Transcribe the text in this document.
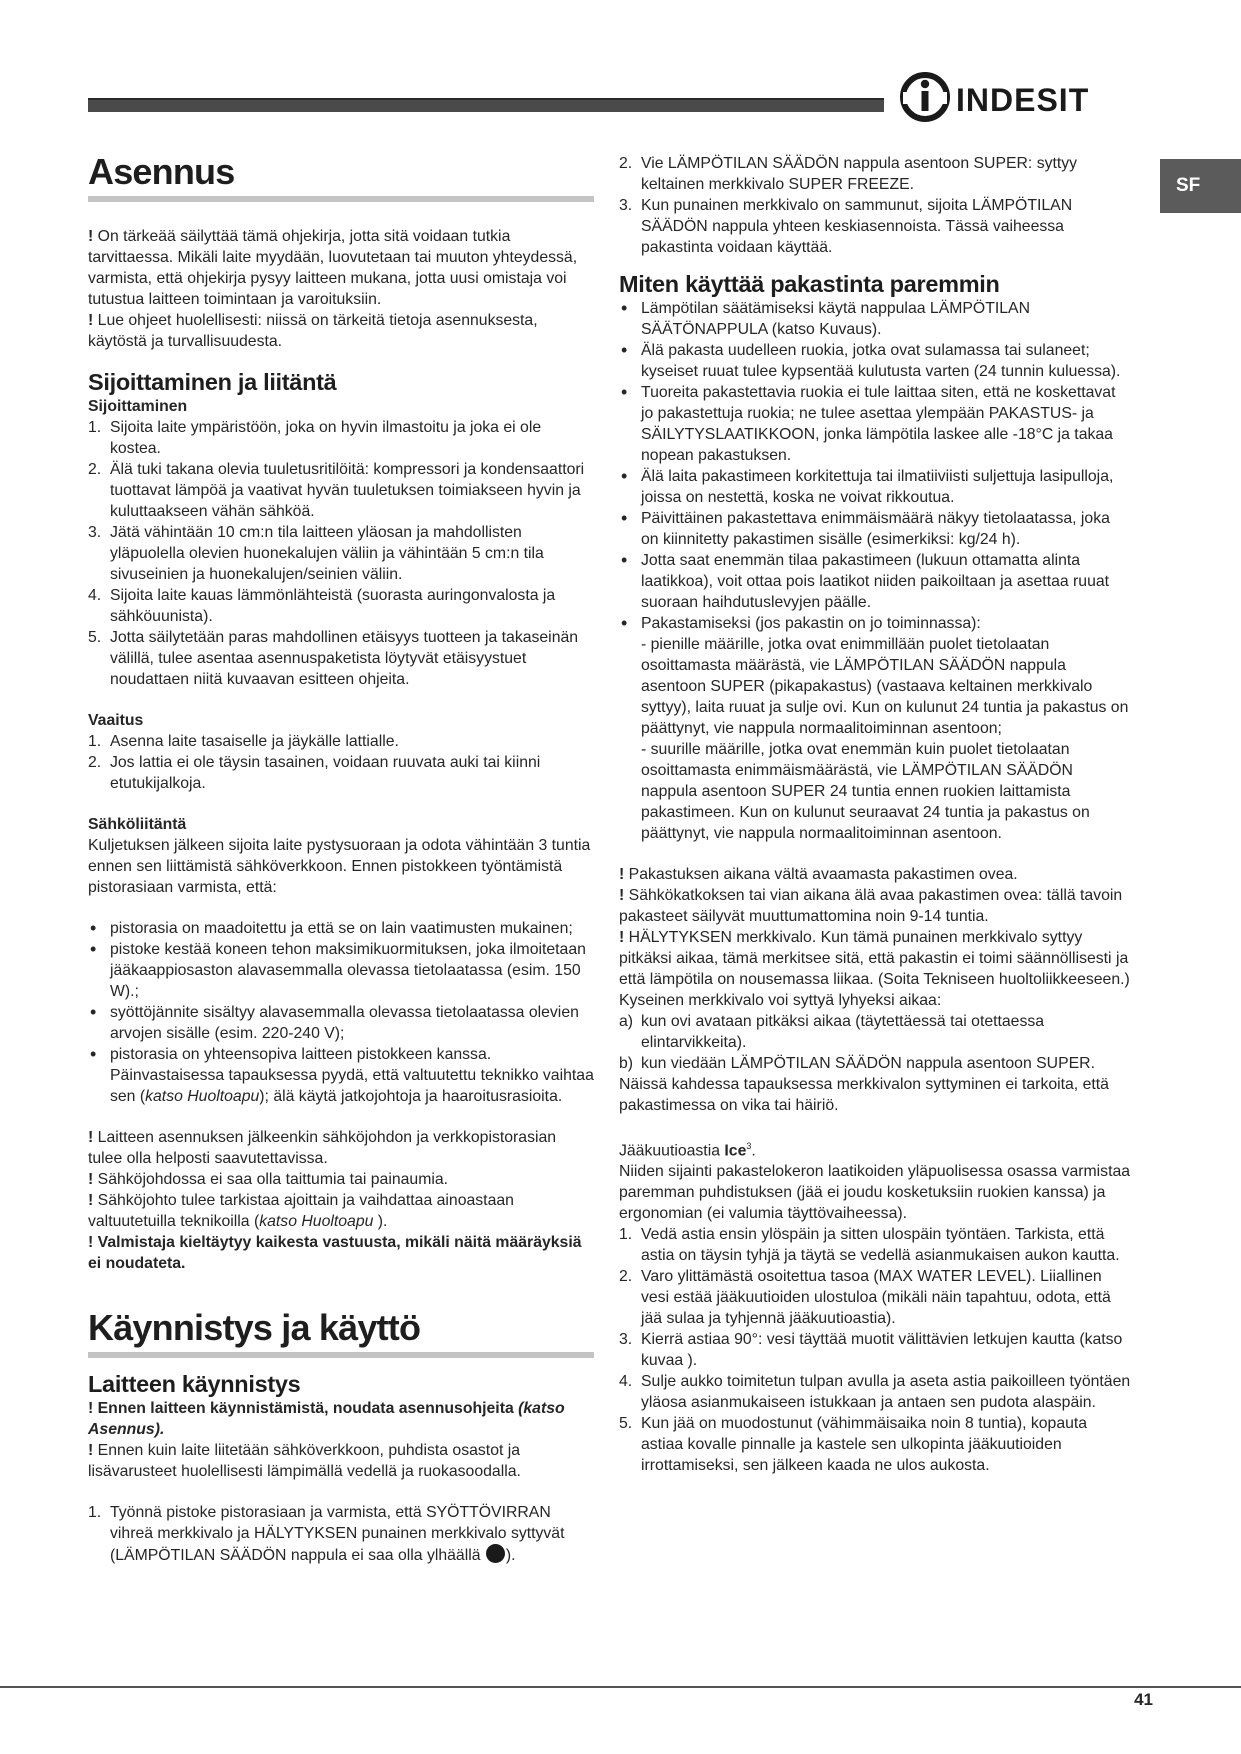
INDESIT
SF
Asennus

! On tärkeää säilyttää tämä ohjekirja, jotta sitä voidaan tutkia tarvittaessa. Mikäli laite myydään, luovutetaan tai muuton yhteydessä, varmista, että ohjekirja pysyy laitteen mukana, jotta uusi omistaja voi tutustua laitteen toimintaan ja varoituksiin.

! Lue ohjeet huolellisesti: niissä on tärkeitä tietoja asennuksesta, käytöstä ja turvallisuudesta.

Sijoittaminen ja liitäntä
Sijoittaminen
1. Sijoita laite ympäristöön, joka on hyvin ilmastoitu ja joka ei ole kostea.
2. Älä tuki takana olevia tuuletusritilöitä: kompressori ja kondensaattori tuottavat lämpöä ja vaativat hyvän tuuletuksen toimiakseen hyvin ja kuluttaakseen vähän sähköä.
3. Jätä vähintään 10 cm:n tila laitteen yläosan ja mahdollisten yläpuolella olevien huonekalujen väliin ja vähintään 5 cm:n tila sivuseinien ja huonekalujen/seinien väliin.
4. Sijoita laite kauas lämmönlähteistä (suorasta auringonvalosta ja sähköuunista).
5. Jotta säilytetään paras mahdollinen etäisyys tuotteen ja takaseinän välillä, tulee asentaa asennuspaketista löytyvät etäisyystuet noudattaen niitä kuvaavan esitteen ohjeita.
Vaaitus
1. Asenna laite tasaiselle ja jäykälle lattialle.
2. Jos lattia ei ole täysin tasainen, voidaan ruuvata auki tai kiinni etutukijalkoja.
Sähköliitäntä

Kuljetuksen jälkeen sijoita laite pystysuoraan ja odota vähintään 3 tuntia ennen sen liittämistä sähköverkkoon. Ennen pistokkeen työntämistä pistorasiaan varmista, että:

• pistorasia on maadoitettu ja että se on lain vaatimusten mukainen;
• pistoke kestää koneen tehon maksimikuormituksen, joka ilmoitetaan jääkaappiosaston alavasemmalla olevassa tietolaatassa (esim. 150 W).;
• syöttöjännite sisältyy alavasemmalla olevassa tietolaatassa olevien arvojen sisälle (esim. 220-240 V);
• pistorasia on yhteensopiva laitteen pistokkeen kanssa. Päinvastaisessa tapauksessa pyydä, että valtuutettu teknikko vaihtaa sen (katso Huoltoapu); älä käytä jatkojohtoja ja haaroitusrasioita.

! Laitteen asennuksen jälkeenkin sähköjohdon ja verkkopistorasian tulee olla helposti saavutettavissa.

! Sähköjohdossa ei saa olla taittumia tai painaumia.

! Sähköjohto tulee tarkistaa ajoittain ja vaihdattaa ainoastaan valtuutetuilla teknikoilla (katso Huoltoapu ).

! Valmistaja kieltäytyy kaikesta vastuusta, mikäli näitä määräyksiä ei noudateta.

Käynnistys ja käyttö
Laitteen käynnistys

! Ennen laitteen käynnistämistä, noudata asennusohjeita (katso Asennus).

! Ennen kuin laite liitetään sähköverkkoon, puhdista osastot ja lisävarusteet huolellisesti lämpimällä vedellä ja ruokasoodalla.

1. Työnnä pistoke pistorasiaan ja varmista, että SYÖTTÖVIRRAN vihreä merkkivalo ja HÄLYTYKSEN punainen merkkivalo syttyvät (LÄMPÖTILAN SÄÄDÖN nappula ei saa olla ylhäällä ).
2. Vie LÄMPÖTILAN SÄÄDÖN nappula asentoon SUPER: syttyy keltainen merkkivalo SUPER FREEZE.
3. Kun punainen merkkivalo on sammunut, sijoita LÄMPÖTILAN SÄÄDÖN nappula yhteen keskiasennoista. Tässä vaiheessa pakastinta voidaan käyttää.
Miten käyttää pakastinta paremmin
• Lämpötilan säätämiseksi käytä nappulaa LÄMPÖTILAN SÄÄTÖNAPPULA (katso Kuvaus).
• Älä pakasta uudelleen ruokia, jotka ovat sulamassa tai sulaneet; kyseiset ruuat tulee kypsentää kulutusta varten (24 tunnin kuluessa).
• Tuoreita pakastettavia ruokia ei tule laittaa siten, että ne koskettavat jo pakastettuja ruokia; ne tulee asettaa ylempään PAKASTUS- ja SÄILYTYSLAATIKKOON, jonka lämpötila laskee alle -18°C ja takaa nopean pakastuksen.
• Älä laita pakastimeen korkitettuja tai ilmatiiviisti suljettuja lasipulloja, joissa on nestettä, koska ne voivat rikkoutua.
• Päivittäinen pakastettava enimmäismäärä näkyy tietolaatassa, joka on kiinnitetty pakastimen sisälle (esimerkiksi: kg/24 h).
• Jotta saat enemmän tilaa pakastimeen (lukuun ottamatta alinta laatikkoa), voit ottaa pois laatikot niiden paikoiltaan ja asettaa ruuat suoraan haihdutuslevyjen päälle.
• Pakastamiseksi (jos pakastin on jo toiminnassa):

- pienille määrille, jotka ovat enimmillään puolet tietolaatan osoittamasta määrästä, vie LÄMPÖTILAN SÄÄDÖN nappula asentoon SUPER (pikapakastus) (vastaava keltainen merkkivalo syttyy), laita ruuat ja sulje ovi. Kun on kulunut 24 tuntia ja pakastus on päättynyt, vie nappula normaalitoiminnan asentoon;

- suurille määrille, jotka ovat enemmän kuin puolet tietolaatan osoittamasta enimmäismäärästä, vie LÄMPÖTILAN SÄÄDÖN nappula asentoon SUPER 24 tuntia ennen ruokien laittamista pakastimeen. Kun on kulunut seuraavat 24 tuntia ja pakastus on päättynyt, vie nappula normaalitoiminnan asentoon.

! Pakastuksen aikana vältä avaamasta pakastimen ovea.

! Sähkökatkoksen tai vian aikana älä avaa pakastimen ovea: tällä tavoin pakasteet säilyvät muuttumattomina noin 9-14 tuntia.

! HÄLYTYKSEN merkkivalo. Kun tämä punainen merkkivalo syttyy pitkäksi aikaa, tämä merkitsee sitä, että pakastin ei toimi säännöllisesti ja että lämpötila on nousemassa liikaa. (Soita Tekniseen huoltoliikkeeseen.)

Kyseinen merkkivalo voi syttyä lyhyeksi aikaa:

a) kun ovi avataan pitkäksi aikaa (täytettäessä tai otettaessa elintarvikkeita).
b) kun viedään LÄMPÖTILAN SÄÄDÖN nappula asentoon SUPER.

Näissä kahdessa tapauksessa merkkivalon syttyminen ei tarkoita, että pakastimessa on vika tai häiriö.

Jääkuutioastia Ice$^3$.

Niiden sijainti pakastelokeron laatikoiden yläpuolisessa osassa varmistaa paremman puhdistuksen (jää ei joudu kosketuksiin ruokien kanssa) ja ergonomian (ei valumia täyttövaiheessa).

1. Vedä astia ensin ylöspäin ja sitten ulospäin työntäen. Tarkista, että astia on täysin tyhjä ja täytä se vedellä asianmukaisen aukon kautta.
2. Varo ylittämästä osoitettua tasoa (MAX WATER LEVEL). Liiallinen vesi estää jääkuutioiden ulostuloa (mikäli näin tapahtuu, odota, että jää sulaa ja tyhjennä jääkuutioastia).
3. Kierrä astiaa 90°: vesi täyttää muotit välittävien letkujen kautta (katso kuvaa ).
4. Sulje aukko toimitetun tulpan avulla ja aseta astia paikoilleen työntäen yläosa asianmukaiseen istukkaan ja antaen sen pudota alaspäin.
5. Kun jää on muodostunut (vähimmäisaika noin 8 tuntia), kopauta astiaa kovalle pinnalle ja kastele sen ulkopinta jääkuutioiden irrottamiseksi, sen jälkeen kaada ne ulos aukosta.
41
